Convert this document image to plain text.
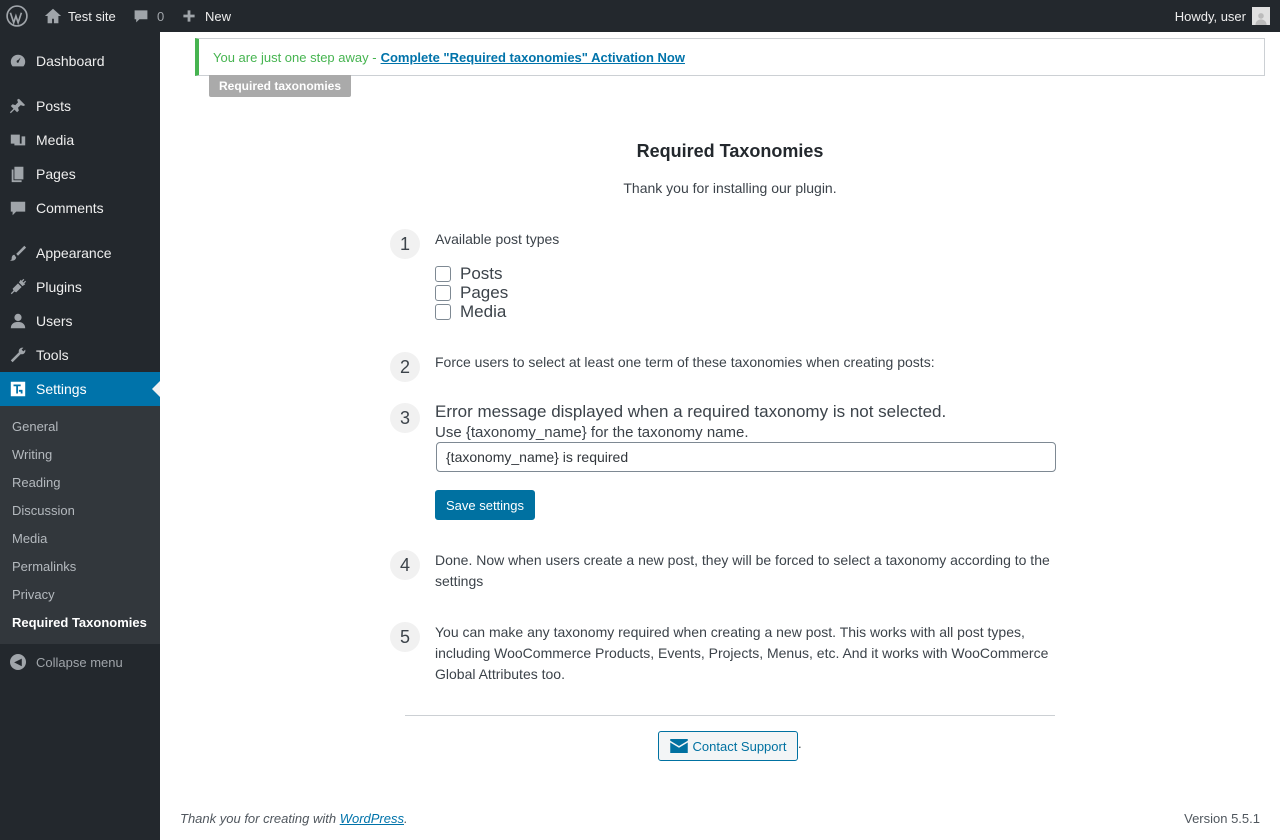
Test site	0	New	Howdy, user
Dashboard
Posts
Media
Pages
Comments
Appearance
Plugins
Users
Tools
Settings
General
Writing
Reading
Discussion
Media
Permalinks
Privacy
Required Taxonomies
◀	Collapse menu
You are just one step away - Complete "Required taxonomies" Activation Now
Required taxonomies
Required Taxonomies
Thank you for installing our plugin.
1	Available post types
Posts
Pages
Media
2	Force users to select at least one term of these taxonomies when creating posts:
3	Error message displayed when a required taxonomy is not selected.
Use {taxonomy_name} for the taxonomy name.
{taxonomy_name} is required
Save settings
4	Done. Now when users create a new post, they will be forced to select a taxonomy according to the settings
5	You can make any taxonomy required when creating a new post. This works with all post types, including WooCommerce Products, Events, Projects, Menus, etc. And it works with WooCommerce Global Attributes too.
Contact Support .
Thank you for creating with WordPress.	Version 5.5.1
